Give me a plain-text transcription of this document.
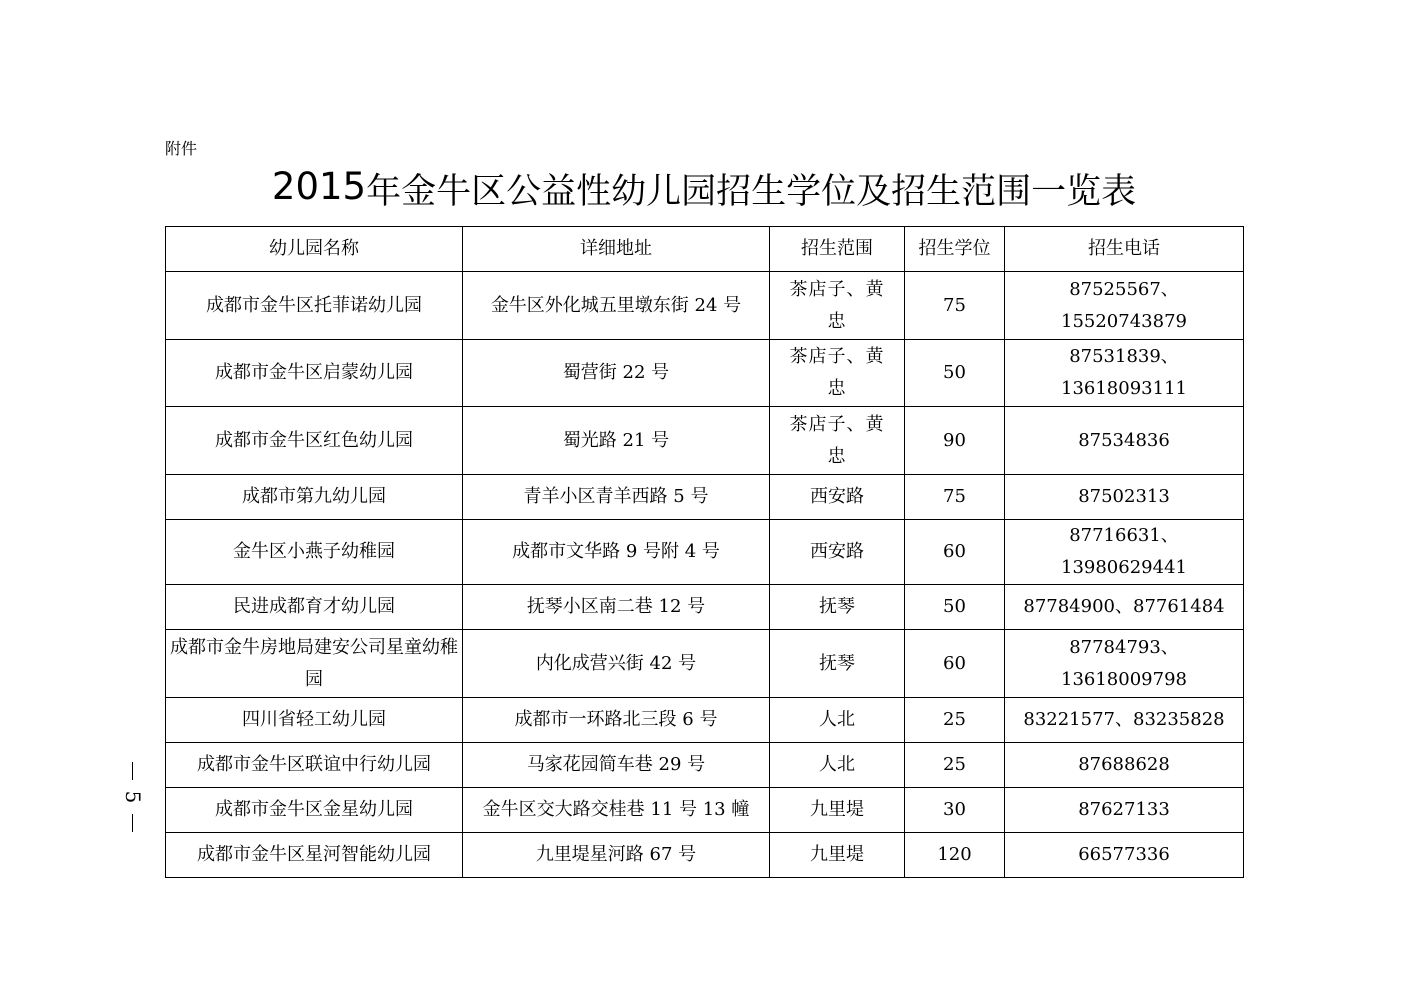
附件
2015年金牛区公益性幼儿园招生学位及招生范围一览表
幼儿园名称	详细地址	招生范围	招生学位	招生电话
成都市金牛区托菲诺幼儿园	金牛区外化城五里墩东街 24 号	茶店子、黄忠	75	87525567、15520743879
成都市金牛区启蒙幼儿园	蜀营街 22 号	茶店子、黄忠	50	87531839、13618093111
成都市金牛区红色幼儿园	蜀光路 21 号	茶店子、黄忠	90	87534836
成都市第九幼儿园	青羊小区青羊西路 5 号	西安路	75	87502313
金牛区小燕子幼稚园	成都市文华路 9 号附 4 号	西安路	60	87716631、13980629441
民进成都育才幼儿园	抚琴小区南二巷 12 号	抚琴	50	87784900、87761484
成都市金牛房地局建安公司星童幼稚园	内化成营兴街 42 号	抚琴	60	87784793、13618009798
四川省轻工幼儿园	成都市一环路北三段 6 号	人北	25	83221577、83235828
成都市金牛区联谊中行幼儿园	马家花园简车巷 29 号	人北	25	87688628
成都市金牛区金星幼儿园	金牛区交大路交桂巷 11 号 13 幢	九里堤	30	87627133
成都市金牛区星河智能幼儿园	九里堤星河路 67 号	九里堤	120	66577336
5
